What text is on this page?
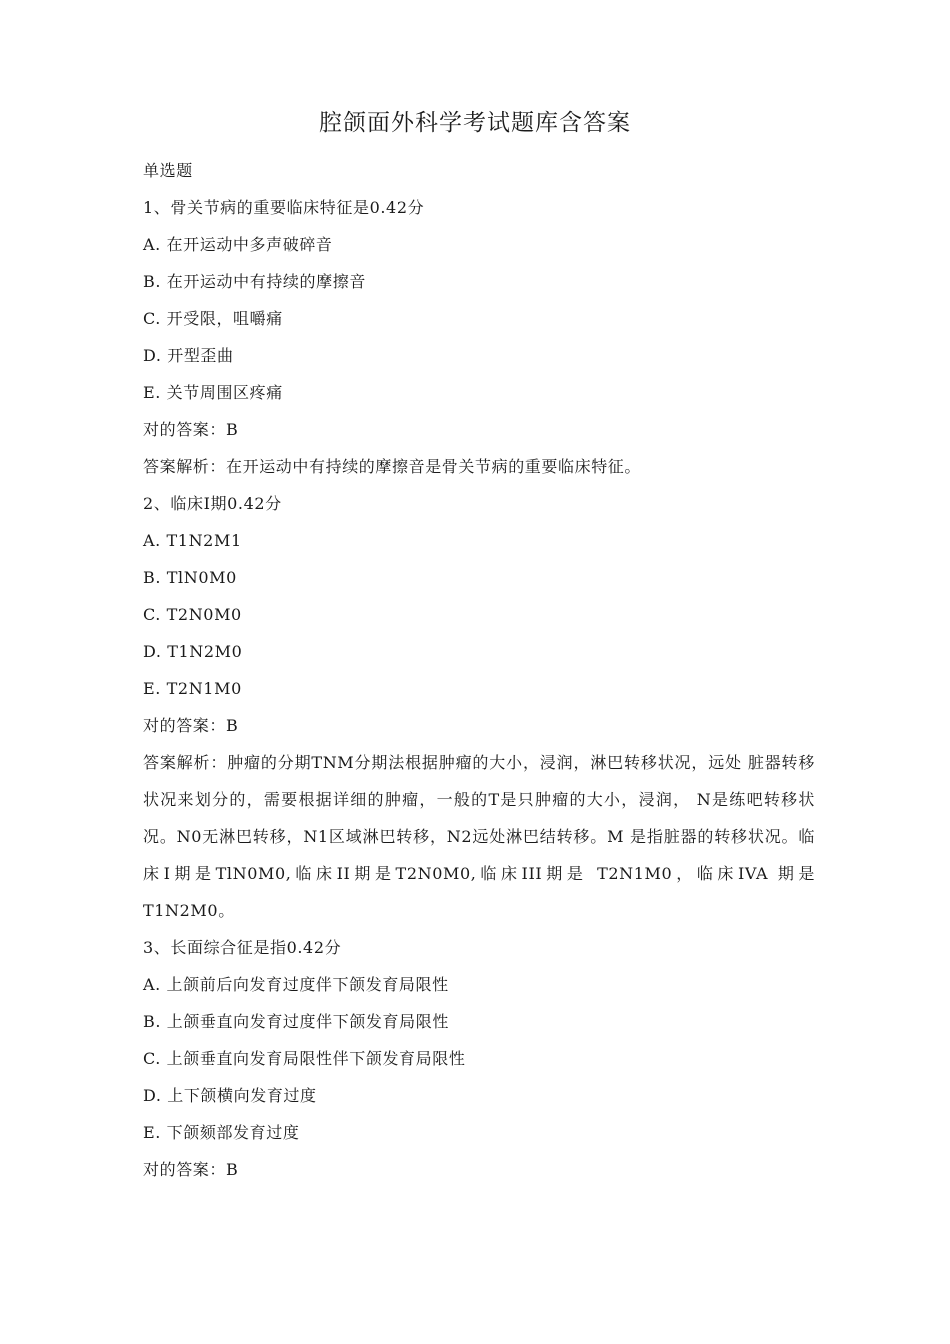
腔颌面外科学考试题库含答案
单选题
1、骨关节病的重要临床特征是0.42分
A. 在开运动中多声破碎音
B. 在开运动中有持续的摩擦音
C. 开受限，咀嚼痛
D. 开型歪曲
E. 关节周围区疼痛
对的答案：B
答案解析：在开运动中有持续的摩擦音是骨关节病的重要临床特征。
2、临床I期0.42分
A. T1N2M1
B. TlN0M0
C. T2N0M0
D. T1N2M0
E. T2N1M0
对的答案：B
答案解析：肿瘤的分期TNM分期法根据肿瘤的大小，浸润，淋巴转移状况，远处 脏器转移状况来划分的，需要根据详细的肿瘤，一般的T是只肿瘤的大小，浸润， N是练吧转移状况。N0无淋巴转移，N1区域淋巴转移，N2远处淋巴结转移。M 是指脏器的转移状况。临床I期是TlN0M0,临床II期是T2N0M0,临床III期是 T2N1M0，临床IVA 期是 T1N2M0。
3、长面综合征是指0.42分
A. 上颌前后向发育过度伴下颌发育局限性
B. 上颌垂直向发育过度伴下颌发育局限性
C. 上颌垂直向发育局限性伴下颌发育局限性
D. 上下颌横向发育过度
E. 下颌颏部发育过度
对的答案：B
